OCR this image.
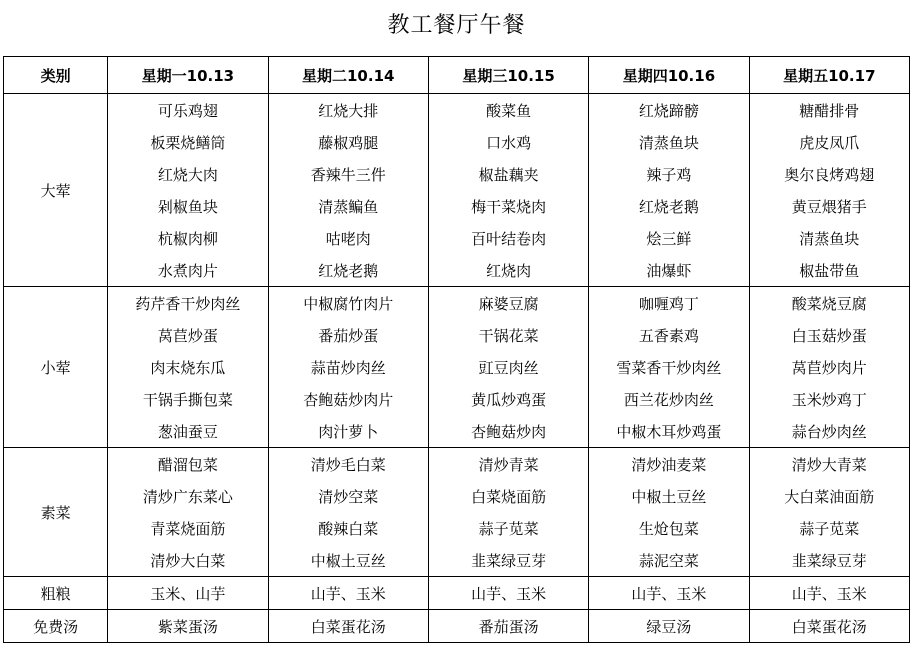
教工餐厅午餐
类别	星期一10.13	星期二10.14	星期三10.15	星期四10.16	星期五10.17
大荤	可乐鸡翅	红烧大排	酸菜鱼	红烧蹄髈	糖醋排骨
	板栗烧鳝筒	藤椒鸡腿	口水鸡	清蒸鱼块	虎皮凤爪
	红烧大肉	香辣牛三件	椒盐藕夹	辣子鸡	奥尔良烤鸡翅
	剁椒鱼块	清蒸鳊鱼	梅干菜烧肉	红烧老鹅	黄豆煨猪手
	杭椒肉柳	咕咾肉	百叶结卷肉	烩三鲜	清蒸鱼块
	水煮肉片	红烧老鹅	红烧肉	油爆虾	椒盐带鱼
小荤	药芹香干炒肉丝	中椒腐竹肉片	麻婆豆腐	咖喱鸡丁	酸菜烧豆腐
	莴苣炒蛋	番茄炒蛋	干锅花菜	五香素鸡	白玉菇炒蛋
	肉末烧东瓜	蒜苗炒肉丝	豇豆肉丝	雪菜香干炒肉丝	莴苣炒肉片
	干锅手撕包菜	杏鲍菇炒肉片	黄瓜炒鸡蛋	西兰花炒肉丝	玉米炒鸡丁
	葱油蚕豆	肉汁萝卜	杏鲍菇炒肉	中椒木耳炒鸡蛋	蒜台炒肉丝
素菜	醋溜包菜	清炒毛白菜	清炒青菜	清炒油麦菜	清炒大青菜
	清炒广东菜心	清炒空菜	白菜烧面筋	中椒土豆丝	大白菜油面筋
	青菜烧面筋	酸辣白菜	蒜子苋菜	生炝包菜	蒜子苋菜
	清炒大白菜	中椒土豆丝	韭菜绿豆芽	蒜泥空菜	韭菜绿豆芽
粗粮	玉米、山芋	山芋、玉米	山芋、玉米	山芋、玉米	山芋、玉米
免费汤	紫菜蛋汤	白菜蛋花汤	番茄蛋汤	绿豆汤	白菜蛋花汤
